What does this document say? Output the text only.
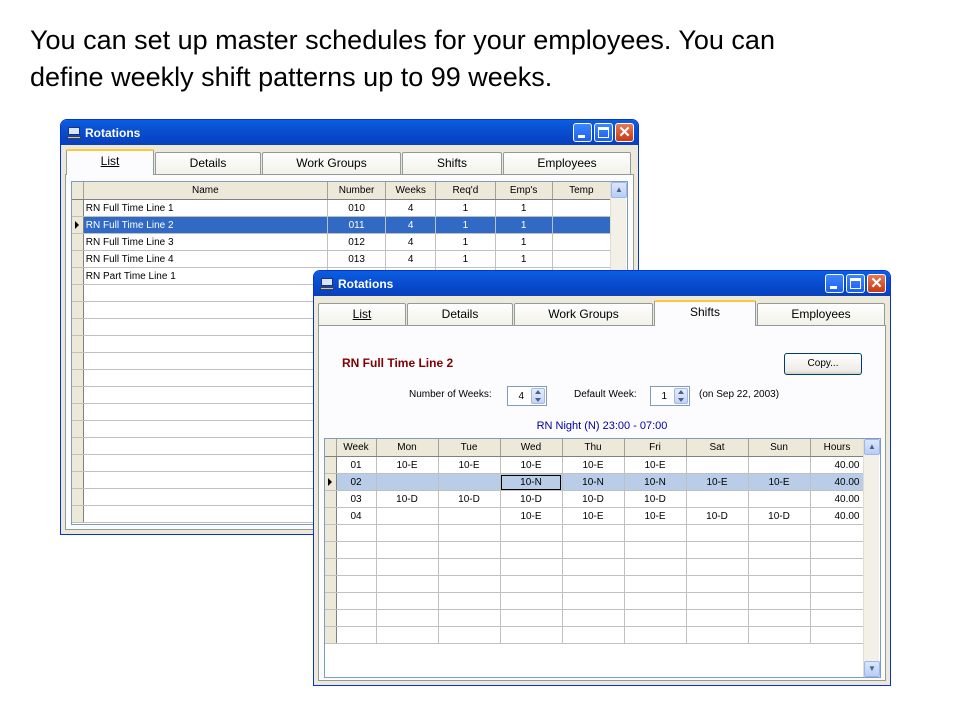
You can set up master schedules for your employees. You can
define weekly shift patterns up to 99 weeks.
Rotations	✕
List	Details	Work Groups	Shifts	Employees
	Name	Number	Weeks	Req'd	Emp's	Temp
	RN Full Time Line 1	010	4	1	1	

	RN Full Time Line 2	011	4	1	1	
	RN Full Time Line 3	012	4	1	1	
	RN Full Time Line 4	013	4	1	1	
	RN Part Time Line 1					

▲
Rotations	✕
List	Details	Work Groups	Shifts	Employees
RN Full Time Line 2	Copy...
Number of Weeks:	4	Default Week:	1	(on Sep 22, 2003)
RN Night (N) 23:00 - 07:00
	Week	Mon	Tue	Wed	Thu	Fri	Sat	Sun	Hours
	01	10-E	10-E	10-E	10-E	10-E			40.00

	02			10-N	10-N	10-N	10-E	10-E	40.00
	03	10-D	10-D	10-D	10-D	10-D			40.00
	04			10-E	10-E	10-E	10-D	10-D	40.00

▲
▼
